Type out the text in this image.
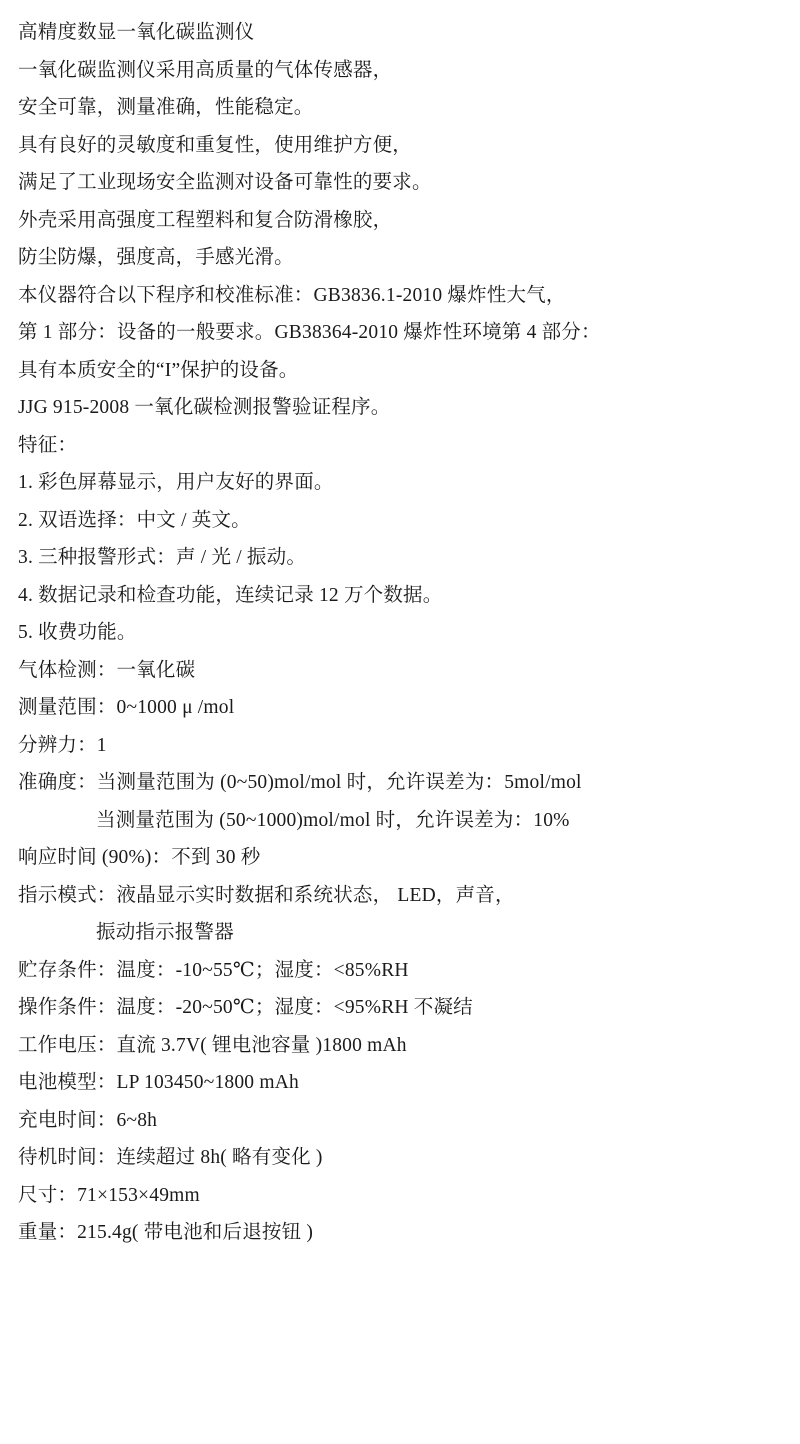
高精度数显一氧化碳监测仪
一氧化碳监测仪采用高质量的气体传感器，
安全可靠，测量准确，性能稳定。
具有良好的灵敏度和重复性，使用维护方便，
满足了工业现场安全监测对设备可靠性的要求。
外壳采用高强度工程塑料和复合防滑橡胶，
防尘防爆，强度高，手感光滑。
本仪器符合以下程序和校准标准：GB3836.1-2010 爆炸性大气，
第 1 部分：设备的一般要求。GB38364-2010 爆炸性环境第 4 部分：
具有本质安全的“I”保护的设备。
JJG 915-2008 一氧化碳检测报警验证程序。
特征：
1. 彩色屏幕显示，用户友好的界面。
2. 双语选择：中文 / 英文。
3. 三种报警形式：声 / 光 / 振动。
4. 数据记录和检查功能，连续记录 12 万个数据。
5. 收费功能。
气体检测：一氧化碳
测量范围：0~1000 μ /mol
分辨力：1
准确度：当测量范围为 (0~50)mol/mol 时，允许误差为：5mol/mol
当测量范围为 (50~1000)mol/mol 时，允许误差为：10%
响应时间 (90%)：不到 30 秒
指示模式：液晶显示实时数据和系统状态， LED，声音，
振动指示报警器
贮存条件：温度：-10~55℃；湿度：<85%RH
操作条件：温度：-20~50℃；湿度：<95%RH 不凝结
工作电压：直流 3.7V( 锂电池容量 )1800 mAh
电池模型：LP 103450~1800 mAh
充电时间：6~8h
待机时间：连续超过 8h( 略有变化 )
尺寸：71×153×49mm
重量：215.4g( 带电池和后退按钮 )
